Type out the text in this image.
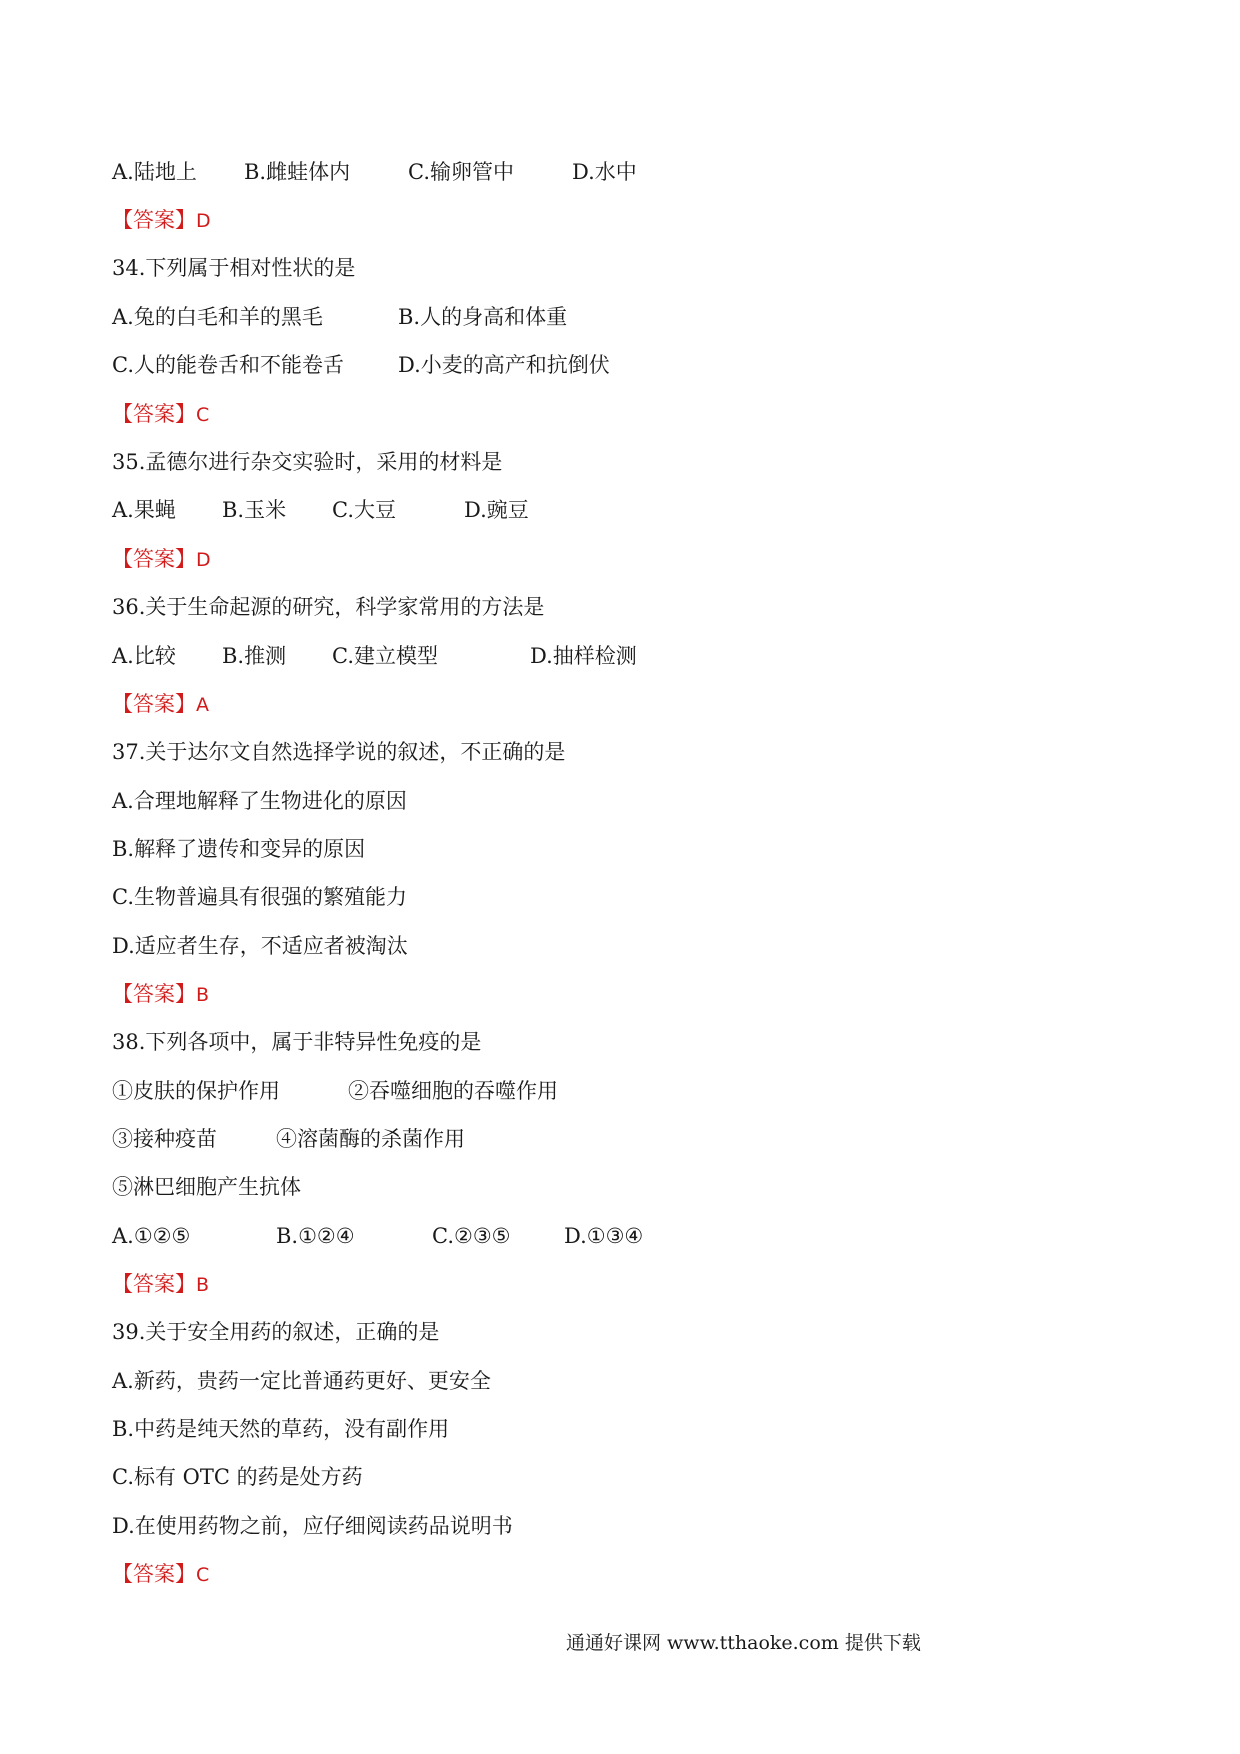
A.陆地上 B.雌蛙体内	C.输卵管中	D.水中
【答案】D
34.下列属于相对性状的是
A.兔的白毛和羊的黑毛	B.人的身高和体重
C.人的能卷舌和不能卷舌	D.小麦的高产和抗倒伏
【答案】C
35.孟德尔进行杂交实验时，采用的材料是
A.果蝇 B.玉米 C.大豆	D.豌豆
【答案】D
36.关于生命起源的研究，科学家常用的方法是
A.比较 B.推测 C.建立模型	D.抽样检测
【答案】A
37.关于达尔文自然选择学说的叙述，不正确的是
A.合理地解释了生物进化的原因
B.解释了遗传和变异的原因
C.生物普遍具有很强的繁殖能力
D.适应者生存，不适应者被淘汰
【答案】B
38.下列各项中，属于非特异性免疫的是
①皮肤的保护作用	②吞噬细胞的吞噬作用
③接种疫苗	④溶菌酶的杀菌作用
⑤淋巴细胞产生抗体
A.①②⑤	B.①②④	C.②③⑤	D.①③④
【答案】B
39.关于安全用药的叙述，正确的是
A.新药，贵药一定比普通药更好、更安全
B.中药是纯天然的草药，没有副作用
C.标有 OTC 的药是处方药
D.在使用药物之前，应仔细阅读药品说明书
【答案】C
通通好课网 www.tthaoke.com 提供下载
